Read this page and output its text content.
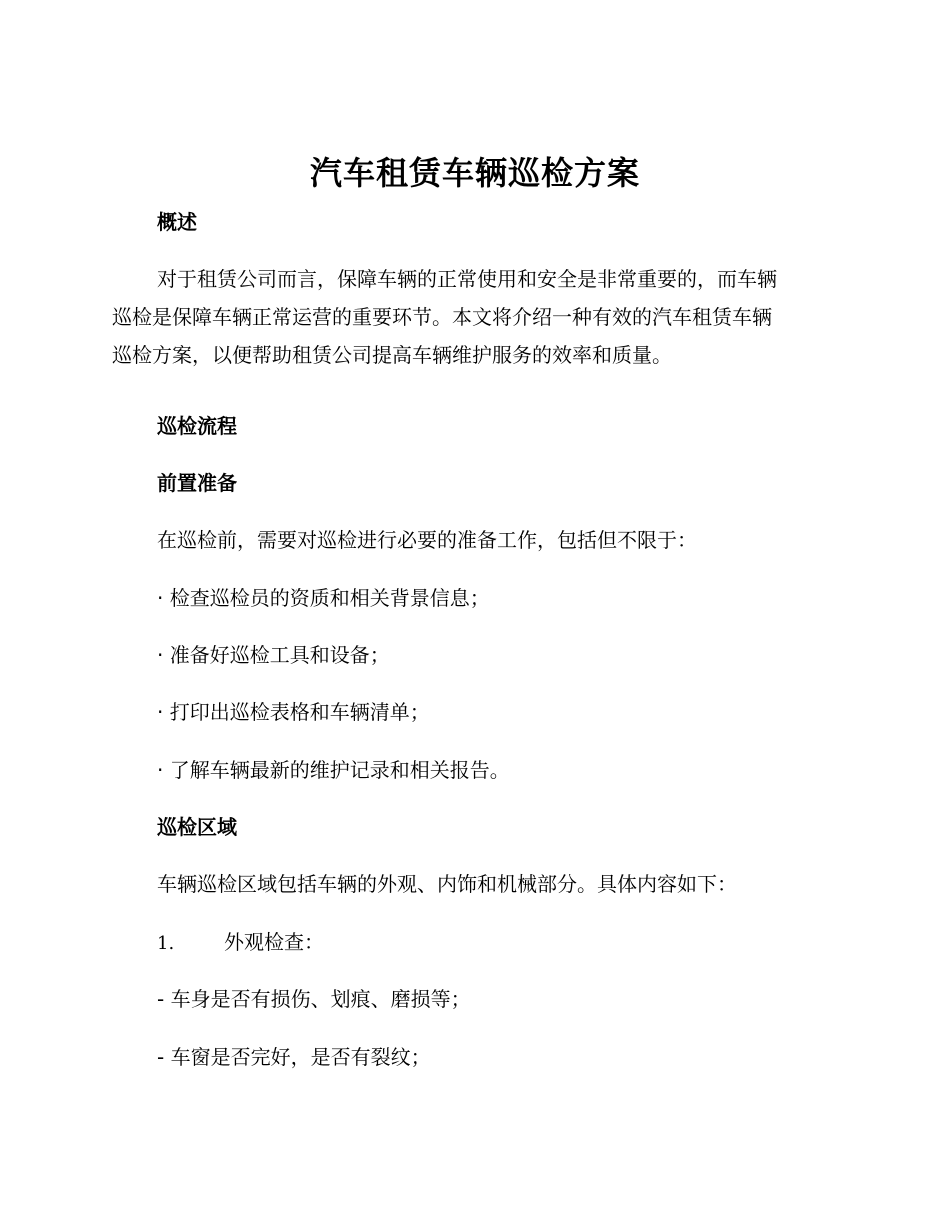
汽车租赁车辆巡检方案
概述
对于租赁公司而言，保障车辆的正常使用和安全是非常重要的，而车辆
巡检是保障车辆正常运营的重要环节。本文将介绍一种有效的汽车租赁车辆
巡检方案，以便帮助租赁公司提高车辆维护服务的效率和质量。
巡检流程
前置准备
在巡检前，需要对巡检进行必要的准备工作，包括但不限于：
· 检查巡检员的资质和相关背景信息；
· 准备好巡检工具和设备；
· 打印出巡检表格和车辆清单；
· 了解车辆最新的维护记录和相关报告。
巡检区域
车辆巡检区域包括车辆的外观、内饰和机械部分。具体内容如下：
1. 外观检查：
- 车身是否有损伤、划痕、磨损等；
- 车窗是否完好，是否有裂纹；
